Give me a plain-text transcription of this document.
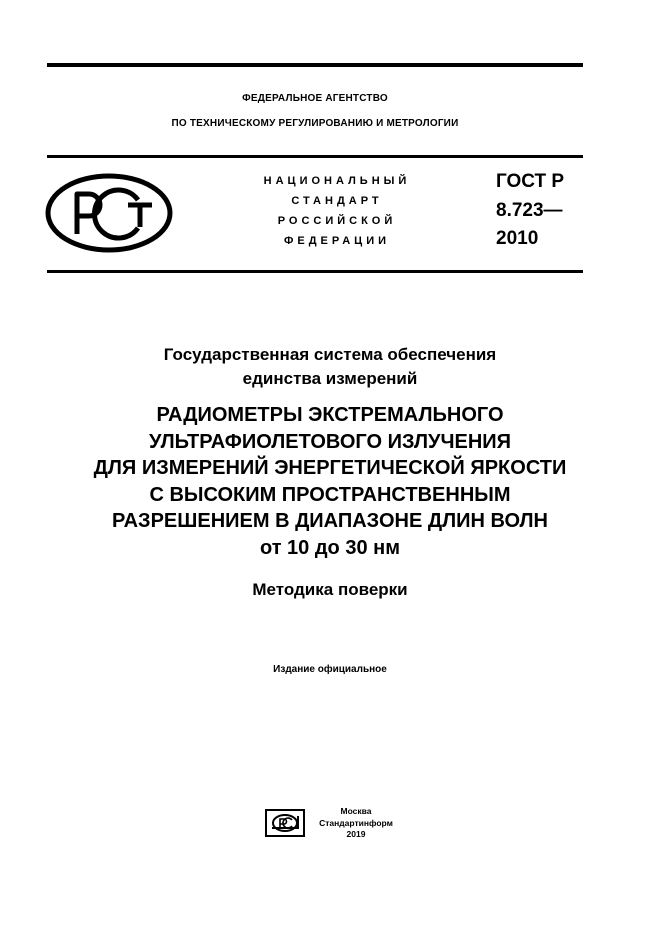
ФЕДЕРАЛЬНОЕ АГЕНТСТВО
ПО ТЕХНИЧЕСКОМУ РЕГУЛИРОВАНИЮ И МЕТРОЛОГИИ
НАЦИОНАЛЬНЫЙ
СТАНДАРТ
РОССИЙСКОЙ
ФЕДЕРАЦИИ
ГОСТ Р
8.723—
2010
Государственная система обеспечения
единства измерений
РАДИОМЕТРЫ ЭКСТРЕМАЛЬНОГО
УЛЬТРАФИОЛЕТОВОГО ИЗЛУЧЕНИЯ
ДЛЯ ИЗМЕРЕНИЙ ЭНЕРГЕТИЧЕСКОЙ ЯРКОСТИ
С ВЫСОКИМ ПРОСТРАНСТВЕННЫМ
РАЗРЕШЕНИЕМ В ДИАПАЗОНЕ ДЛИН ВОЛН
от 10 до 30 нм
Методика поверки
Издание официальное
Москва
Стандартинформ
2019
